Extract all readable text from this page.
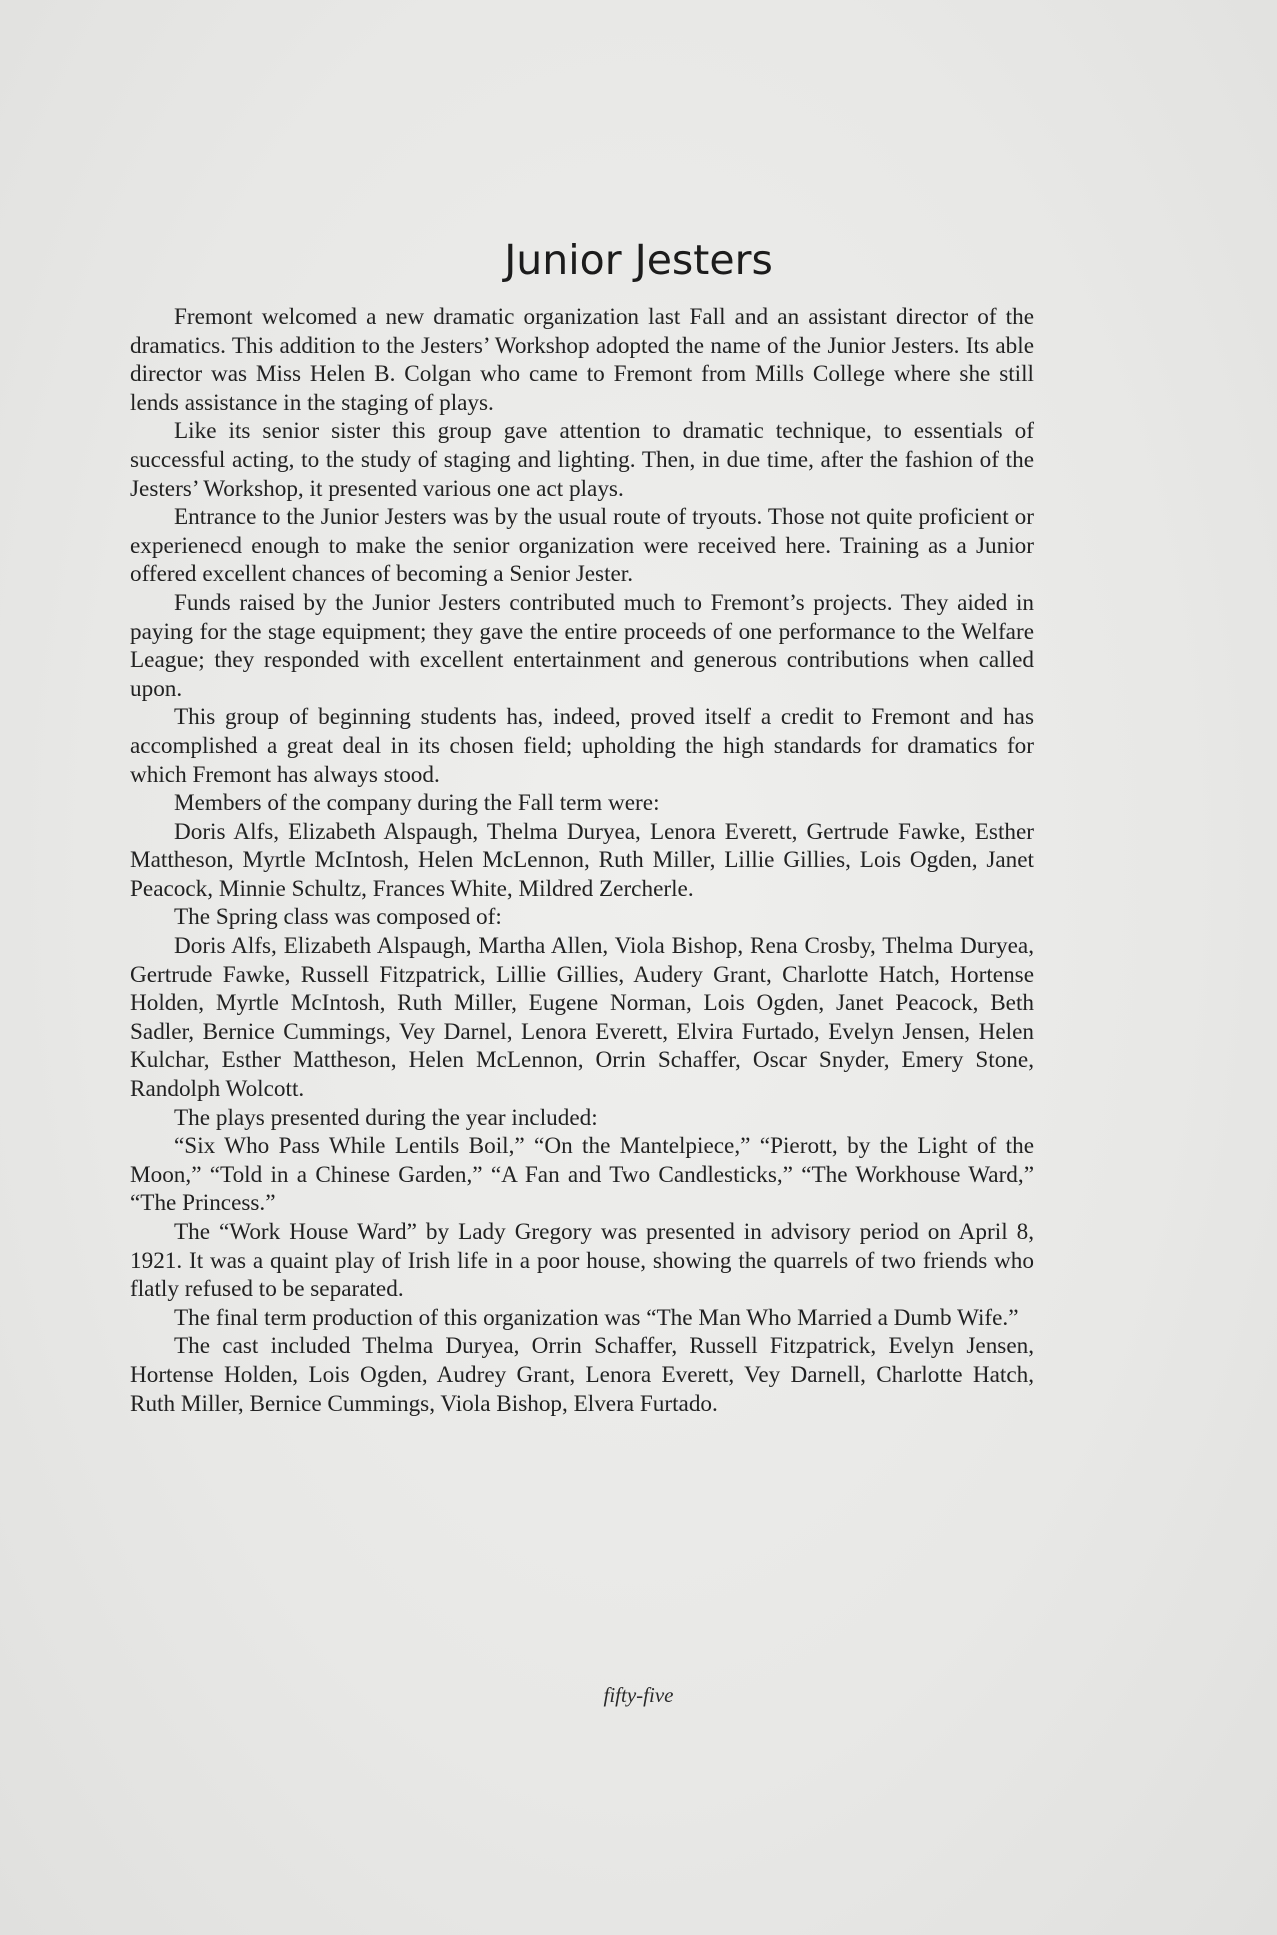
Junior Jesters

Fremont welcomed a new dramatic organization last Fall and an assistant director of the dramatics. This addition to the Jesters’ Workshop adopted the name of the Junior Jesters. Its able director was Miss Helen B. Colgan who came to Fremont from Mills College where she still lends assistance in the staging of plays.

Like its senior sister this group gave attention to dramatic technique, to essentials of successful acting, to the study of staging and lighting. Then, in due time, after the fashion of the Jesters’ Workshop, it presented various one act plays.

Entrance to the Junior Jesters was by the usual route of tryouts. Those not quite proficient or experienecd enough to make the senior organization were received here. Training as a Junior offered excellent chances of becoming a Senior Jester.

Funds raised by the Junior Jesters contributed much to Fremont’s projects. They aided in paying for the stage equipment; they gave the entire proceeds of one performance to the Welfare League; they responded with excellent entertainment and generous contributions when called upon.

This group of beginning students has, indeed, proved itself a credit to Fremont and has accomplished a great deal in its chosen field; upholding the high standards for dramatics for which Fremont has always stood.

Members of the company during the Fall term were:

Doris Alfs, Elizabeth Alspaugh, Thelma Duryea, Lenora Everett, Gertrude Fawke, Esther Mattheson, Myrtle McIntosh, Helen McLennon, Ruth Miller, Lillie Gillies, Lois Ogden, Janet Peacock, Minnie Schultz, Frances White, Mildred Zercherle.

The Spring class was composed of:

Doris Alfs, Elizabeth Alspaugh, Martha Allen, Viola Bishop, Rena Crosby, Thelma Duryea, Gertrude Fawke, Russell Fitzpatrick, Lillie Gillies, Audery Grant, Charlotte Hatch, Hortense Holden, Myrtle McIntosh, Ruth Miller, Eugene Norman, Lois Ogden, Janet Peacock, Beth Sadler, Bernice Cummings, Vey Darnel, Lenora Everett, Elvira Furtado, Evelyn Jensen, Helen Kulchar, Esther Mattheson, Helen McLennon, Orrin Schaffer, Oscar Snyder, Emery Stone, Randolph Wolcott.

The plays presented during the year included:

“Six Who Pass While Lentils Boil,” “On the Mantelpiece,” “Pierott, by the Light of the Moon,” “Told in a Chinese Garden,” “A Fan and Two Candlesticks,” “The Workhouse Ward,” “The Princess.”

The “Work House Ward” by Lady Gregory was presented in advisory period on April 8, 1921. It was a quaint play of Irish life in a poor house, showing the quarrels of two friends who flatly refused to be separated.

The final term production of this organization was “The Man Who Married a Dumb Wife.”

The cast included Thelma Duryea, Orrin Schaffer, Russell Fitzpatrick, Evelyn Jensen, Hortense Holden, Lois Ogden, Audrey Grant, Lenora Everett, Vey Darnell, Charlotte Hatch, Ruth Miller, Bernice Cummings, Viola Bishop, Elvera Furtado.

fifty-five
